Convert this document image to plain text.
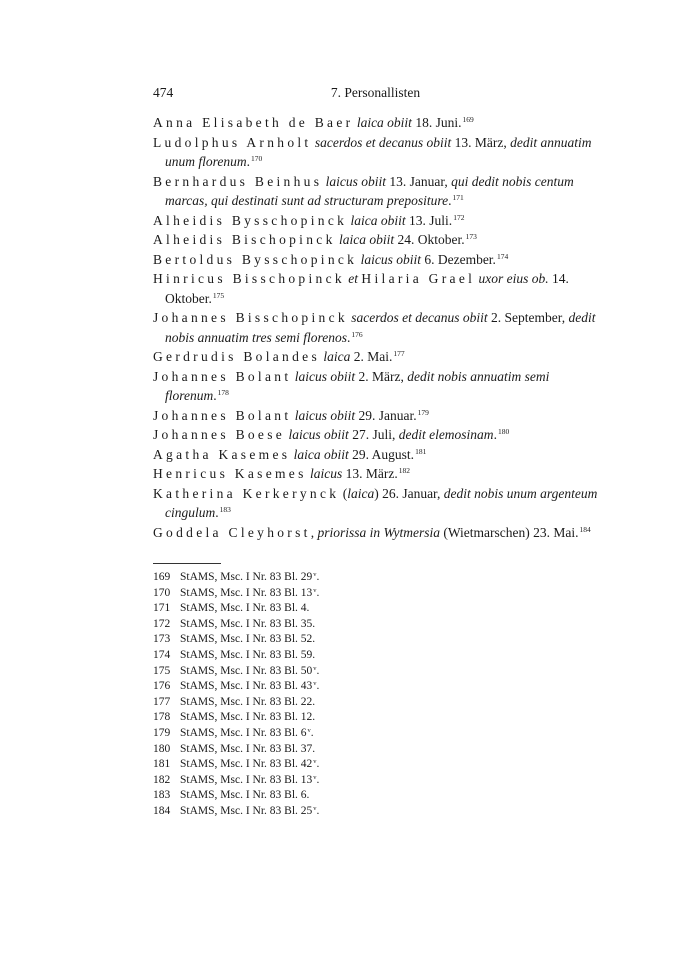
474	7. Personallisten

Anna Elisabeth de Baer laica obiit 18. Juni.$^{169}$

Ludolphus Arnholt sacerdos et decanus obiit 13. März, dedit annuatim unum florenum.$^{170}$

Bernhardus Beinhus laicus obiit 13. Januar, qui dedit nobis centum marcas, qui destinati sunt ad structuram prepositure.$^{171}$

Alheidis Bysschopinck laica obiit 13. Juli.$^{172}$

Alheidis Bischopinck laica obiit 24. Oktober.$^{173}$

Bertoldus Bysschopinck laicus obiit 6. Dezember.$^{174}$

Hinricus Bisschopinck et Hilaria Grael uxor eius ob. 14. Oktober.$^{175}$

Johannes Bisschopinck sacerdos et decanus obiit 2. September, dedit nobis annuatim tres semi florenos.$^{176}$

Gerdrudis Bolandes laica 2. Mai.$^{177}$

Johannes Bolant laicus obiit 2. März, dedit nobis annuatim semi florenum.$^{178}$

Johannes Bolant laicus obiit 29. Januar.$^{179}$

Johannes Boese laicus obiit 27. Juli, dedit elemosinam.$^{180}$

Agatha Kasemes laica obiit 29. August.$^{181}$

Henricus Kasemes laicus 13. März.$^{182}$

Katherina Kerkerynck (laica) 26. Januar, dedit nobis unum argenteum cingulum.$^{183}$

Goddela Cleyhorst, priorissa in Wytmersia (Wietmarschen) 23. Mai.$^{184}$

169 StAMS, Msc. I Nr. 83 Bl. 29$^v$.
170 StAMS, Msc. I Nr. 83 Bl. 13$^v$.
171 StAMS, Msc. I Nr. 83 Bl. 4.
172 StAMS, Msc. I Nr. 83 Bl. 35.
173 StAMS, Msc. I Nr. 83 Bl. 52.
174 StAMS, Msc. I Nr. 83 Bl. 59.
175 StAMS, Msc. I Nr. 83 Bl. 50$^v$.
176 StAMS, Msc. I Nr. 83 Bl. 43$^v$.
177 StAMS, Msc. I Nr. 83 Bl. 22.
178 StAMS, Msc. I Nr. 83 Bl. 12.
179 StAMS, Msc. I Nr. 83 Bl. 6$^v$.
180 StAMS, Msc. I Nr. 83 Bl. 37.
181 StAMS, Msc. I Nr. 83 Bl. 42$^v$.
182 StAMS, Msc. I Nr. 83 Bl. 13$^v$.
183 StAMS, Msc. I Nr. 83 Bl. 6.
184 StAMS, Msc. I Nr. 83 Bl. 25$^v$.
